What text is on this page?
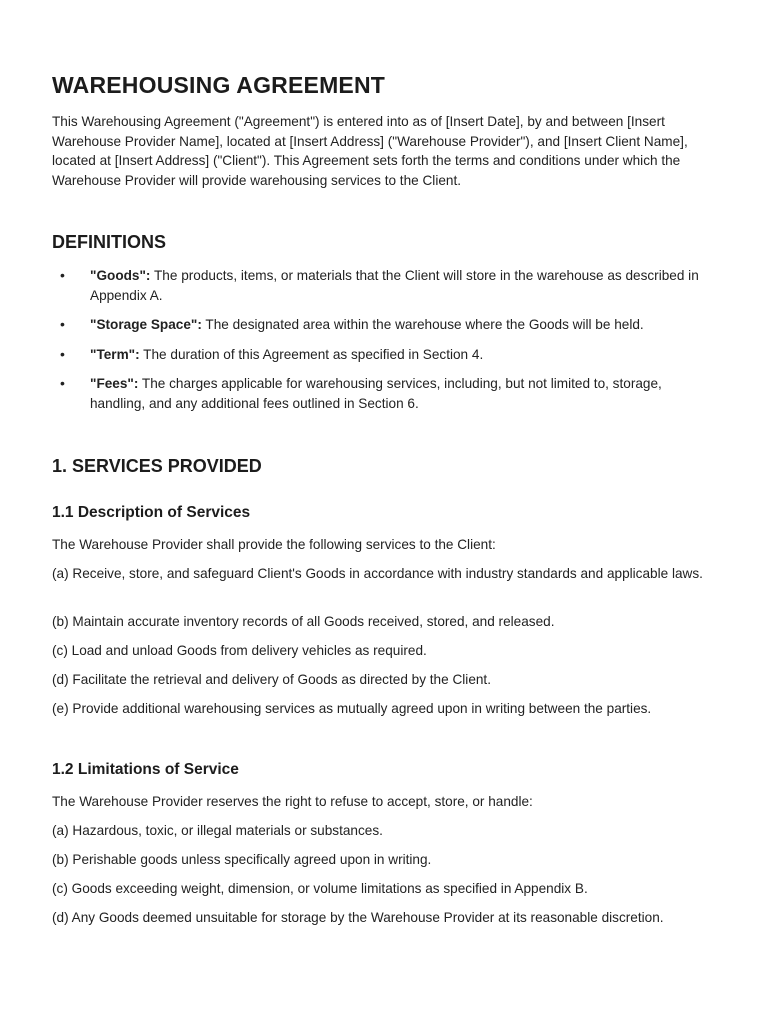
WAREHOUSING AGREEMENT

This Warehousing Agreement ("Agreement") is entered into as of [Insert Date], by and between [Insert Warehouse Provider Name], located at [Insert Address] ("Warehouse Provider"), and [Insert Client Name], located at [Insert Address] ("Client"). This Agreement sets forth the terms and conditions under which the Warehouse Provider will provide warehousing services to the Client.

DEFINITIONS
• "Goods": The products, items, or materials that the Client will store in the warehouse as described in Appendix A.
• "Storage Space": The designated area within the warehouse where the Goods will be held.
• "Term": The duration of this Agreement as specified in Section 4.
• "Fees": The charges applicable for warehousing services, including, but not limited to, storage, handling, and any additional fees outlined in Section 6.
1. SERVICES PROVIDED
1.1 Description of Services

The Warehouse Provider shall provide the following services to the Client:

(a) Receive, store, and safeguard Client's Goods in accordance with industry standards and applicable laws.

(b) Maintain accurate inventory records of all Goods received, stored, and released.

(c) Load and unload Goods from delivery vehicles as required.

(d) Facilitate the retrieval and delivery of Goods as directed by the Client.

(e) Provide additional warehousing services as mutually agreed upon in writing between the parties.

1.2 Limitations of Service

The Warehouse Provider reserves the right to refuse to accept, store, or handle:

(a) Hazardous, toxic, or illegal materials or substances.

(b) Perishable goods unless specifically agreed upon in writing.

(c) Goods exceeding weight, dimension, or volume limitations as specified in Appendix B.

(d) Any Goods deemed unsuitable for storage by the Warehouse Provider at its reasonable discretion.
